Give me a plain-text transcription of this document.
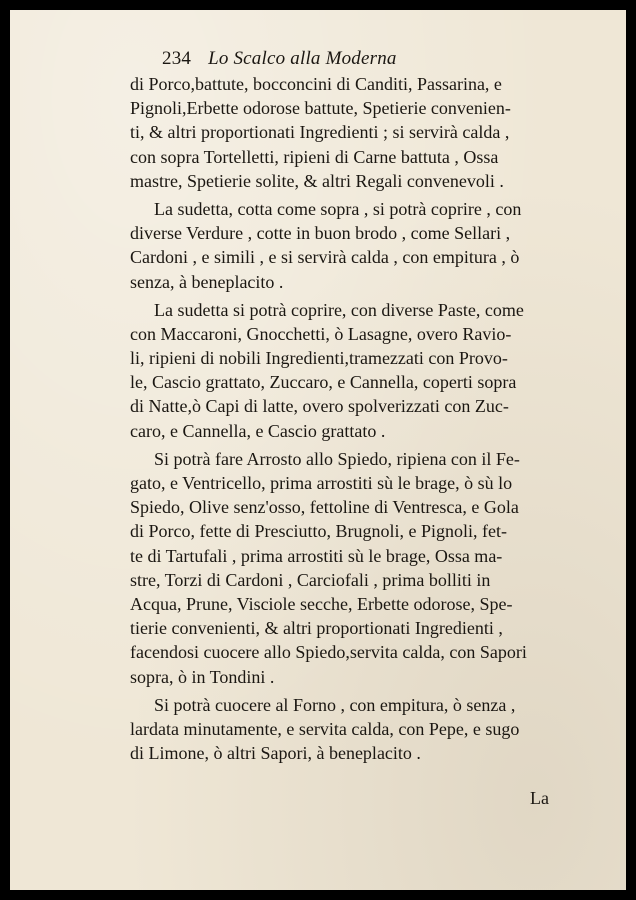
234 Lo Scalco alla Moderna
di Porco,battute, bocconcini di Canditi, Passarina, e
Pignoli,Erbette odorose battute, Spetierie convenien-
ti, & altri proportionati Ingredienti ; si servirà calda ,
con sopra Tortelletti, ripieni di Carne battuta , Ossa
mastre, Spetierie solite, & altri Regali convenevoli .
La sudetta, cotta come sopra , si potrà coprire , con
diverse Verdure , cotte in buon brodo , come Sellari ,
Cardoni , e simili , e si servirà calda , con empitura , ò
senza, à beneplacito .
La sudetta si potrà coprire, con diverse Paste, come
con Maccaroni, Gnocchetti, ò Lasagne, overo Ravio-
li, ripieni di nobili Ingredienti,tramezzati con Provo-
le, Cascio grattato, Zuccaro, e Cannella, coperti sopra
di Natte,ò Capi di latte, overo spolverizzati con Zuc-
caro, e Cannella, e Cascio grattato .
Si potrà fare Arrosto allo Spiedo, ripiena con il Fe-
gato, e Ventricello, prima arrostiti sù le brage, ò sù lo
Spiedo, Olive senz'osso, fettoline di Ventresca, e Gola
di Porco, fette di Presciutto, Brugnoli, e Pignoli, fet-
te di Tartufali , prima arrostiti sù le brage, Ossa ma-
stre, Torzi di Cardoni , Carciofali , prima bolliti in
Acqua, Prune, Visciole secche, Erbette odorose, Spe-
tierie convenienti, & altri proportionati Ingredienti ,
facendosi cuocere allo Spiedo,servita calda, con Sapori
sopra, ò in Tondini .
Si potrà cuocere al Forno , con empitura, ò senza ,
lardata minutamente, e servita calda, con Pepe, e sugo
di Limone, ò altri Sapori, à beneplacito .
La
